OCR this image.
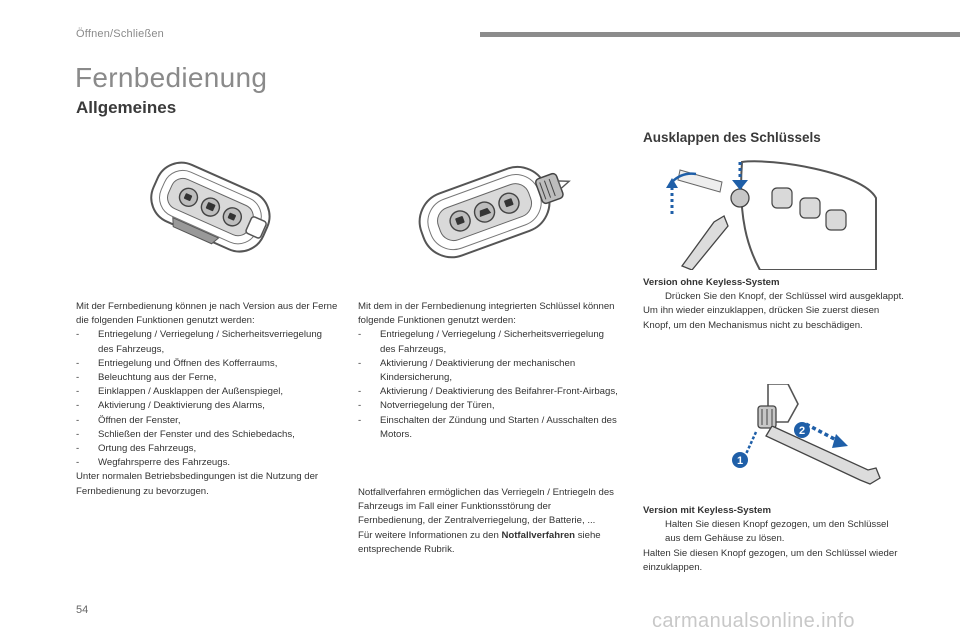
Öffnen/Schließen
Fernbedienung
Allgemeines
Ausklappen des Schlüssels
1
2

Mit der Fernbedienung können je nach Version aus der Ferne die folgenden Funktionen genutzt werden:

- Entriegelung / Verriegelung / Sicherheitsverriegelung des Fahrzeugs,
- Entriegelung und Öffnen des Kofferraums,
- Beleuchtung aus der Ferne,
- Einklappen / Ausklappen der Außenspiegel,
- Aktivierung / Deaktivierung des Alarms,
- Öffnen der Fenster,
- Schließen der Fenster und des Schiebedachs,
- Ortung des Fahrzeugs,
- Wegfahrsperre des Fahrzeugs.

Unter normalen Betriebsbedingungen ist die Nutzung der Fernbedienung zu bevorzugen.

Mit dem in der Fernbedienung integrierten Schlüssel können folgende Funktionen genutzt werden:

- Entriegelung / Verriegelung / Sicherheitsverriegelung des Fahrzeugs,
- Aktivierung / Deaktivierung der mechanischen Kindersicherung,
- Aktivierung / Deaktivierung des Beifahrer-Front-Airbags,
- Notverriegelung der Türen,
- Einschalten der Zündung und Starten / Ausschalten des Motors.

Notfallverfahren ermöglichen das Verriegeln / Entriegeln des Fahrzeugs im Fall einer Funktionsstörung der Fernbedienung, der Zentralverriegelung, der Batterie, ...

Für weitere Informationen zu den Notfallverfahren siehe entsprechende Rubrik.

Version ohne Keyless-System

Drücken Sie den Knopf, der Schlüssel wird ausgeklappt.

Um ihn wieder einzuklappen, drücken Sie zuerst diesen Knopf, um den Mechanismus nicht zu beschädigen.

Version mit Keyless-System

Halten Sie diesen Knopf gezogen, um den Schlüssel aus dem Gehäuse zu lösen.

Halten Sie diesen Knopf gezogen, um den Schlüssel wieder einzuklappen.

54	carmanualsonline.info
